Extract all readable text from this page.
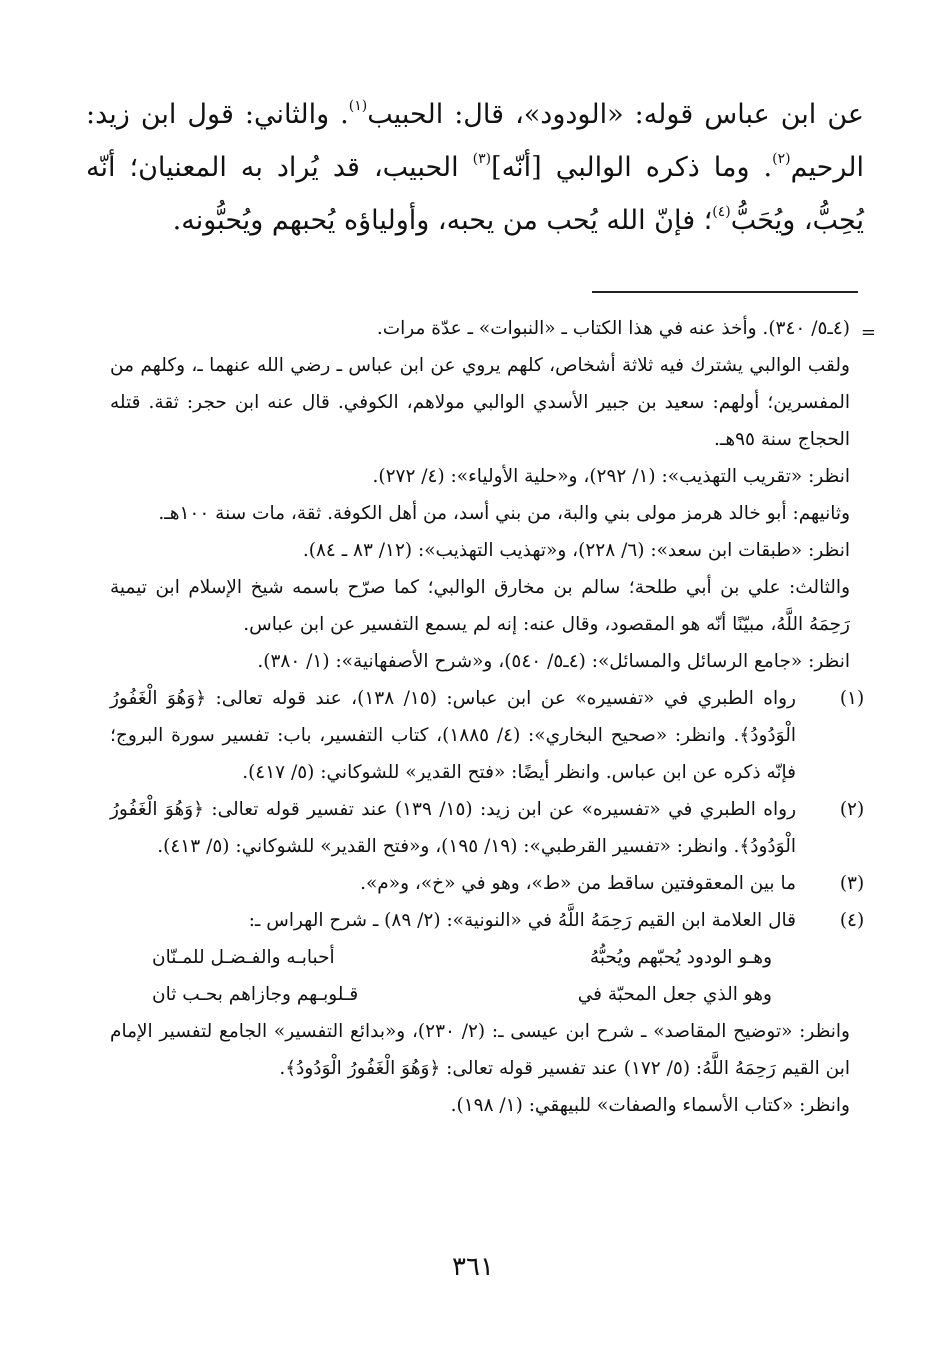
عن ابن عباس قوله: «الودود»، قال: الحبيب$^{(١)}$. والثاني: قول ابن زيد: الرحيم$^{(٢)}$. وما ذكره الوالبي [أنّه]$^{(٣)}$ الحبيب، قد يُراد به المعنيان؛ أنّه يُحِبُّ، ويُحَبُّ$^{(٤)}$؛ فإنّ الله يُحب من يحبه، وأولياؤه يُحبهم ويُحبُّونه.

=

(٤ـ٥/ ٣٤٠). وأخذ عنه في هذا الكتاب ـ «النبوات» ـ عدّة مرات.

ولقب الوالبي يشترك فيه ثلاثة أشخاص، كلهم يروي عن ابن عباس ـ رضي الله عنهما ـ، وكلهم من المفسرين؛ أولهم: سعيد بن جبير الأسدي الوالبي مولاهم، الكوفي. قال عنه ابن حجر: ثقة. قتله الحجاج سنة ٩٥هـ.

انظر: «تقريب التهذيب»: (١/ ٢٩٢)، و«حلية الأولياء»: (٤/ ٢٧٢).

وثانيهم: أبو خالد هرمز مولى بني والبة، من بني أسد، من أهل الكوفة. ثقة، مات سنة ١٠٠هـ.

انظر: «طبقات ابن سعد»: (٦/ ٢٢٨)، و«تهذيب التهذيب»: (١٢/ ٨٣ ـ ٨٤).

والثالث: علي بن أبي طلحة؛ سالم بن مخارق الوالبي؛ كما صرّح باسمه شيخ الإسلام ابن تيمية رَحِمَهُ اللَّهُ، مبيّنًا أنّه هو المقصود، وقال عنه: إنه لم يسمع التفسير عن ابن عباس.

انظر: «جامع الرسائل والمسائل»: (٤ـ٥/ ٥٤٠)، و«شرح الأصفهانية»: (١/ ٣٨٠).

(١)

رواه الطبري في «تفسيره» عن ابن عباس: (١٥/ ١٣٨)، عند قوله تعالى: ﴿وَهُوَ الْغَفُورُ الْوَدُودُ﴾. وانظر: «صحيح البخاري»: (٤/ ١٨٨٥)، كتاب التفسير، باب: تفسير سورة البروج؛ فإنّه ذكره عن ابن عباس. وانظر أيضًا: «فتح القدير» للشوكاني: (٥/ ٤١٧).

(٢)

رواه الطبري في «تفسيره» عن ابن زيد: (١٥/ ١٣٩) عند تفسير قوله تعالى: ﴿وَهُوَ الْغَفُورُ الْوَدُودُ﴾. وانظر: «تفسير القرطبي»: (١٩/ ١٩٥)، و«فتح القدير» للشوكاني: (٥/ ٤١٣).

(٣)

ما بين المعقوفتين ساقط من «ط»، وهو في «خ»، و«م».

(٤)

قال العلامة ابن القيم رَحِمَهُ اللَّهُ في «النونية»: (٢/ ٨٩) ـ شرح الهراس ـ:

وهـو الودود يُحبّهم ويُحبُّهُ
أحبابـه والفـضـل للمـنّان
وهو الذي جعل المحبّة في
قـلوبـهم وجازاهم بحـب ثان

وانظر: «توضيح المقاصد» ـ شرح ابن عيسى ـ: (٢/ ٢٣٠)، و«بدائع التفسير» الجامع لتفسير الإمام ابن القيم رَحِمَهُ اللَّهُ: (٥/ ١٧٢) عند تفسير قوله تعالى: ﴿وَهُوَ الْغَفُورُ الْوَدُودُ﴾.

وانظر: «كتاب الأسماء والصفات» للبيهقي: (١/ ١٩٨).

٣٦١
